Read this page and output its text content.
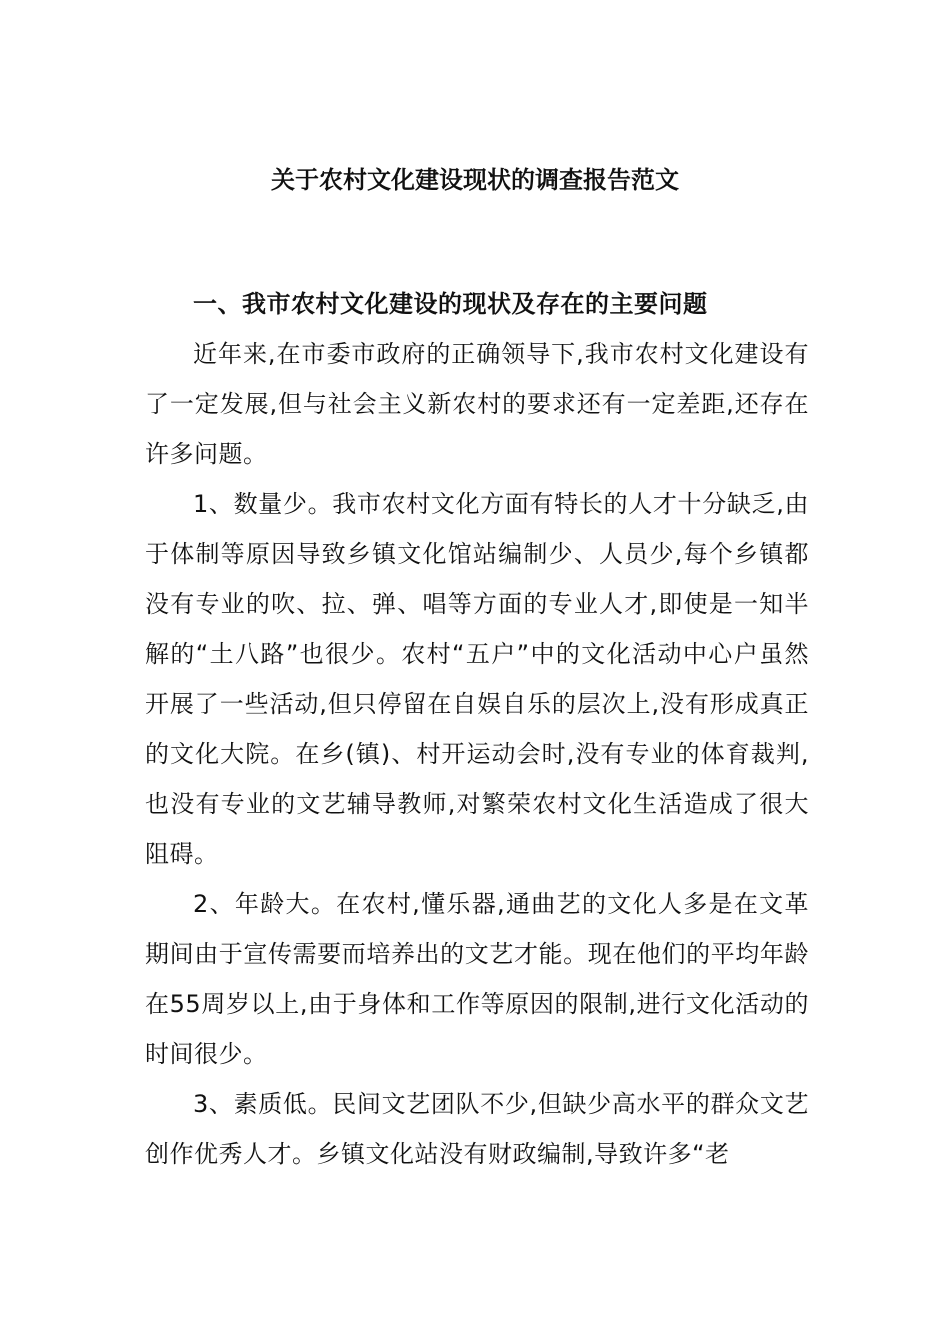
关于农村文化建设现状的调查报告范文

一、我市农村文化建设的现状及存在的主要问题

近年来,在市委市政府的正确领导下,我市农村文化建设有了一定发展,但与社会主义新农村的要求还有一定差距,还存在许多问题。

1、数量少。我市农村文化方面有特长的人才十分缺乏,由于体制等原因导致乡镇文化馆站编制少、人员少,每个乡镇都没有专业的吹、拉、弹、唱等方面的专业人才,即使是一知半解的“土八路”也很少。农村“五户”中的文化活动中心户虽然开展了一些活动,但只停留在自娱自乐的层次上,没有形成真正的文化大院。在乡(镇)、村开运动会时,没有专业的体育裁判,也没有专业的文艺辅导教师,对繁荣农村文化生活造成了很大阻碍。

2、年龄大。在农村,懂乐器,通曲艺的文化人多是在文革期间由于宣传需要而培养出的文艺才能。现在他们的平均年龄在55周岁以上,由于身体和工作等原因的限制,进行文化活动的时间很少。

3、素质低。民间文艺团队不少,但缺少高水平的群众文艺创作优秀人才。乡镇文化站没有财政编制,导致许多“老
